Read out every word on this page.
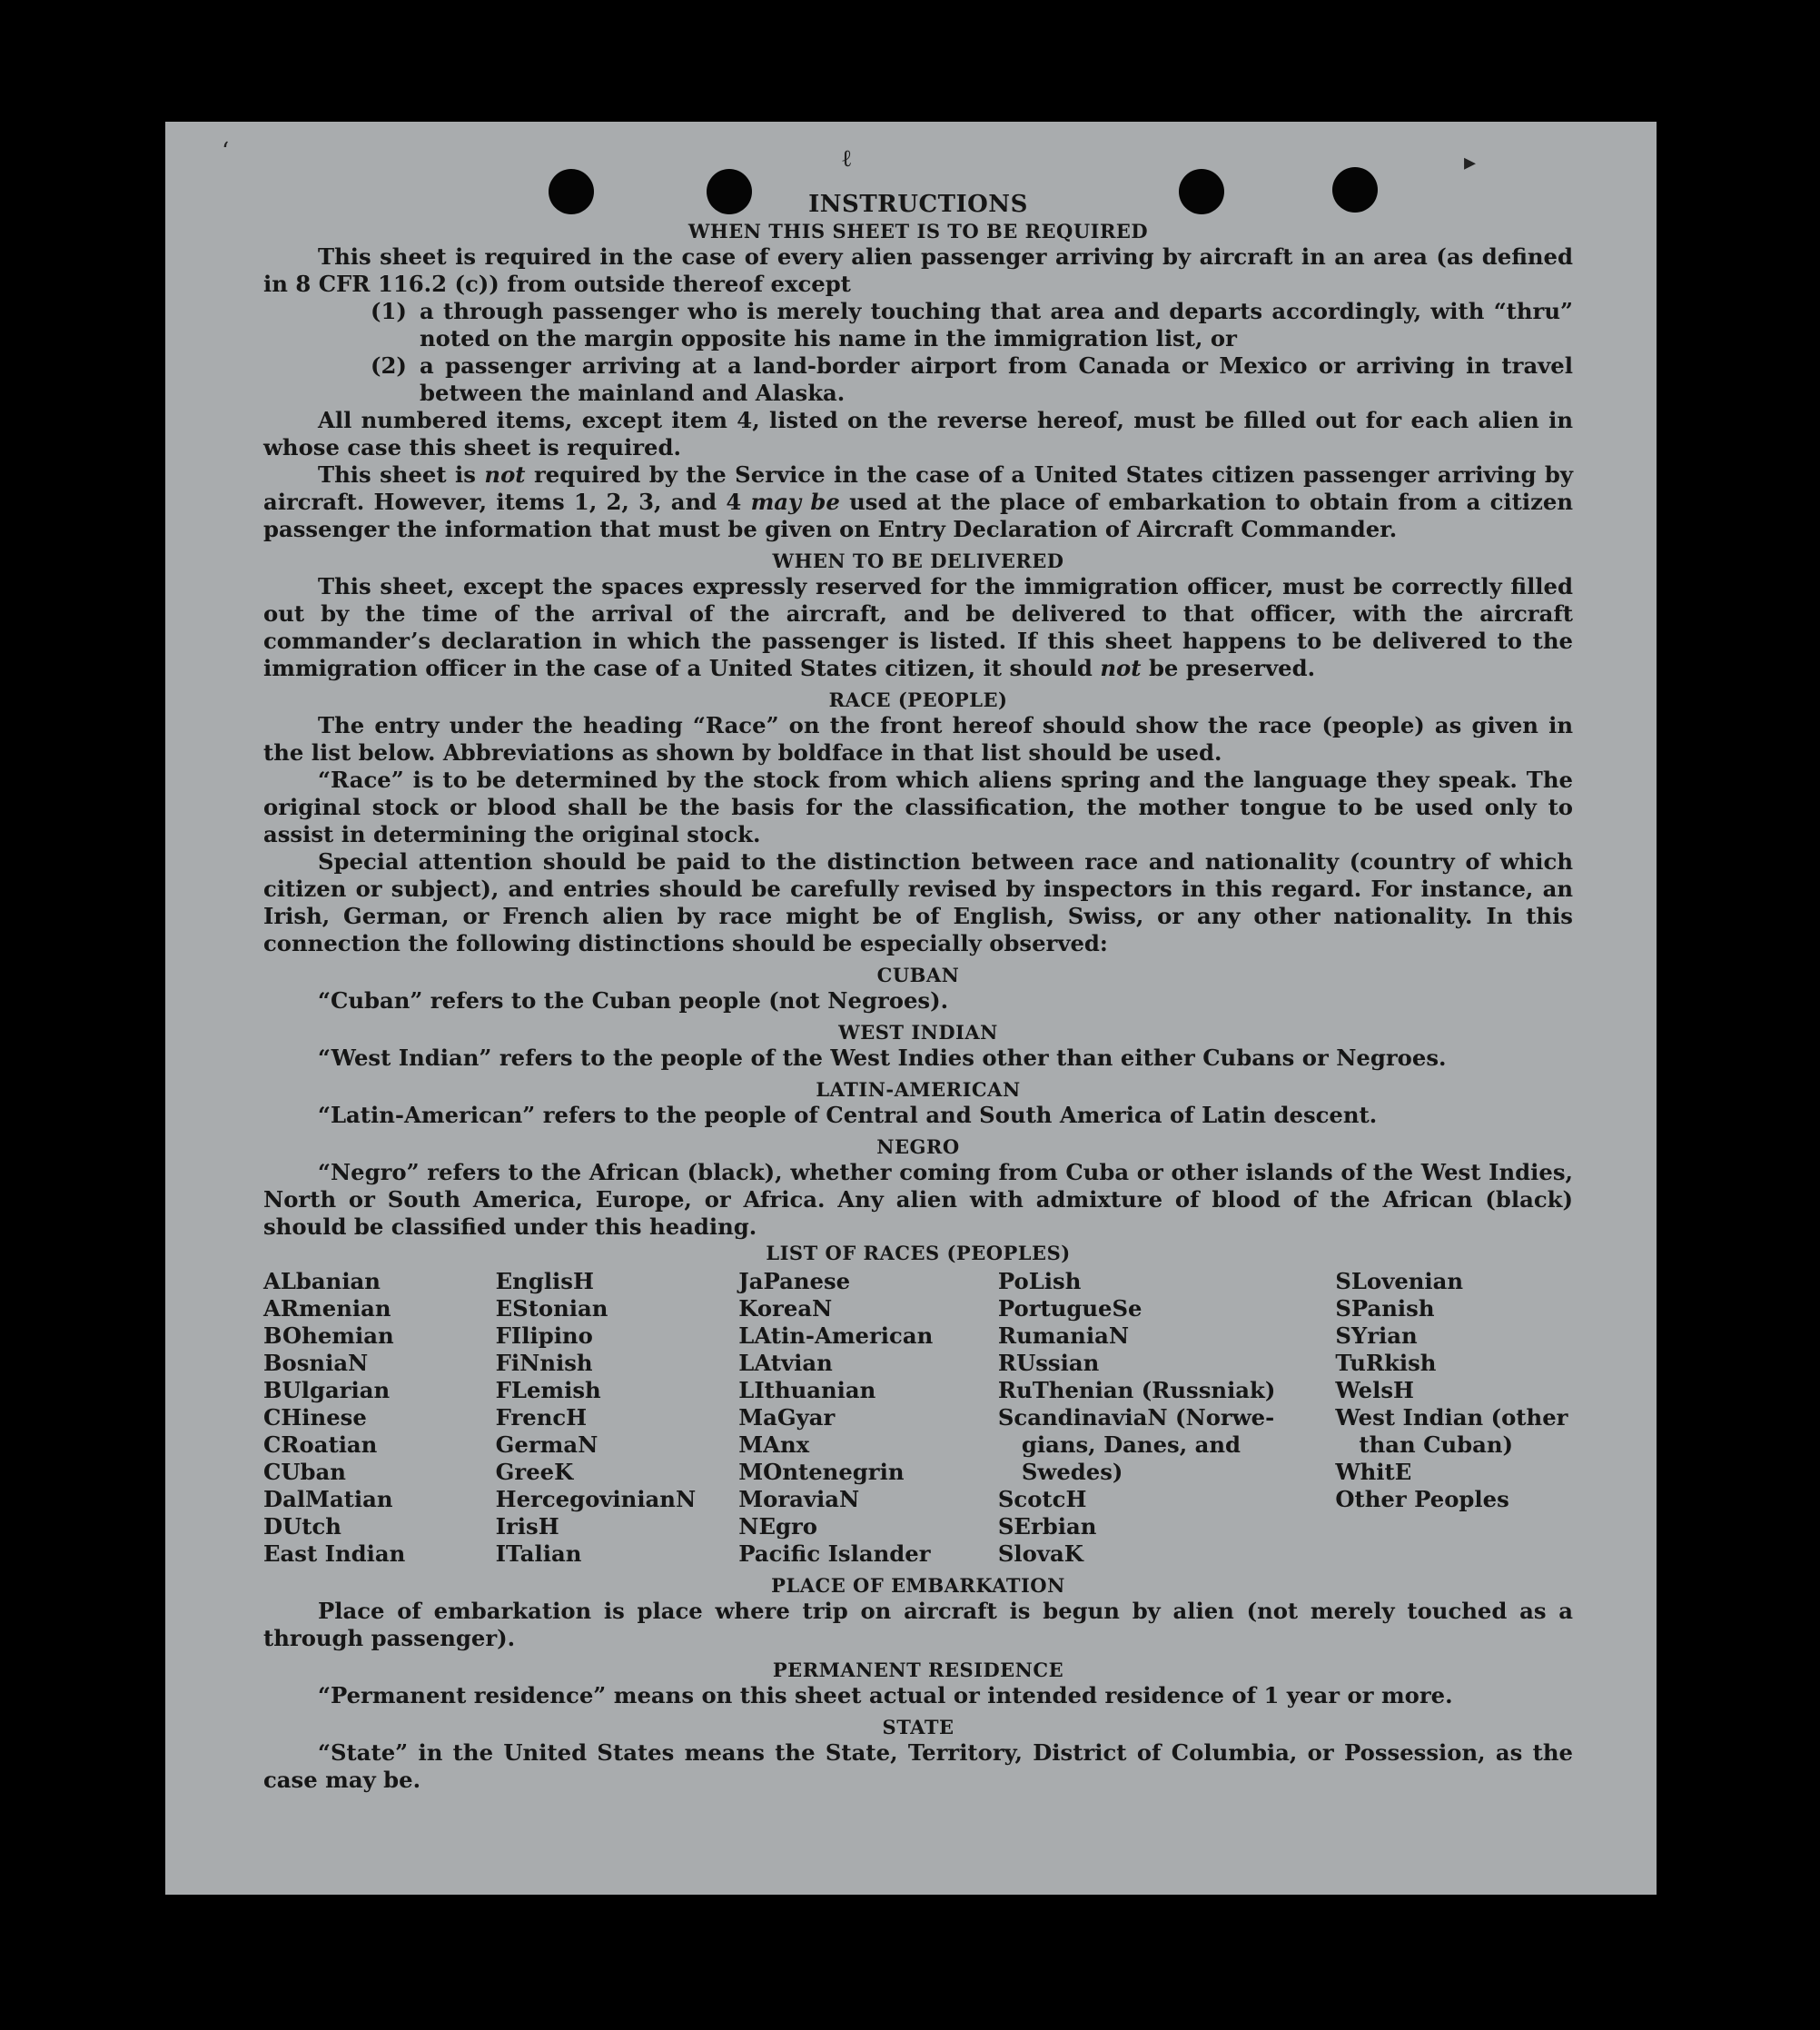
‘	ℓ	▸
INSTRUCTIONS
WHEN THIS SHEET IS TO BE REQUIRED

This sheet is required in the case of every alien passenger arriving by aircraft in an area (as defined in 8 CFR 116.2 (c)) from outside thereof except

(1) a through passenger who is merely touching that area and departs accordingly, with “thru” noted on the margin opposite his name in the immigration list, or
(2) a passenger arriving at a land-border airport from Canada or Mexico or arriving in travel between the mainland and Alaska.

All numbered items, except item 4, listed on the reverse hereof, must be filled out for each alien in whose case this sheet is required.

This sheet is not required by the Service in the case of a United States citizen passenger arriving by aircraft. However, items 1, 2, 3, and 4 may be used at the place of embarkation to obtain from a citizen passenger the information that must be given on Entry Declaration of Aircraft Commander.

WHEN TO BE DELIVERED

This sheet, except the spaces expressly reserved for the immigration officer, must be correctly filled out by the time of the arrival of the aircraft, and be delivered to that officer, with the aircraft commander’s declaration in which the passenger is listed. If this sheet happens to be delivered to the immigration officer in the case of a United States citizen, it should not be preserved.

RACE (PEOPLE)

The entry under the heading “Race” on the front hereof should show the race (people) as given in the list below. Abbreviations as shown by boldface in that list should be used.

“Race” is to be determined by the stock from which aliens spring and the language they speak. The original stock or blood shall be the basis for the classification, the mother tongue to be used only to assist in determining the original stock.

Special attention should be paid to the distinction between race and nationality (country of which citizen or subject), and entries should be carefully revised by inspectors in this regard. For instance, an Irish, German, or French alien by race might be of English, Swiss, or any other nationality. In this connection the following distinctions should be especially observed:

CUBAN

“Cuban” refers to the Cuban people (not Negroes).

WEST INDIAN

“West Indian” refers to the people of the West Indies other than either Cubans or Negroes.

LATIN-AMERICAN

“Latin-American” refers to the people of Central and South America of Latin descent.

NEGRO

“Negro” refers to the African (black), whether coming from Cuba or other islands of the West Indies, North or South America, Europe, or Africa. Any alien with admixture of blood of the African (black) should be classified under this heading.

LIST OF RACES (PEOPLES)
ALbanian
ARmenian
BOhemian
BosniaN
BUlgarian
CHinese
CRoatian
CUban
DalMatian
DUtch
East Indian
EnglisH
EStonian
FIlipino
FiNnish
FLemish
FrencH
GermaN
GreeK
HercegovinianN
IrisH
ITalian
JaPanese
KoreaN
LAtin-American
LAtvian
LIthuanian
MaGyar
MAnx
MOntenegrin
MoraviaN
NEgro
Pacific Islander
PoLish
PortugueSe
RumaniaN
RUssian
RuThenian (Russniak)
ScandinaviaN (Norwe-
gians, Danes, and
Swedes)
ScotcH
SErbian
SlovaK
SLovenian
SPanish
SYrian
TuRkish
WelsH
West Indian (other
than Cuban)
WhitE
Other Peoples
PLACE OF EMBARKATION

Place of embarkation is place where trip on aircraft is begun by alien (not merely touched as a through passenger).

PERMANENT RESIDENCE

“Permanent residence” means on this sheet actual or intended residence of 1 year or more.

STATE

“State” in the United States means the State, Territory, District of Columbia, or Possession, as the case may be.
